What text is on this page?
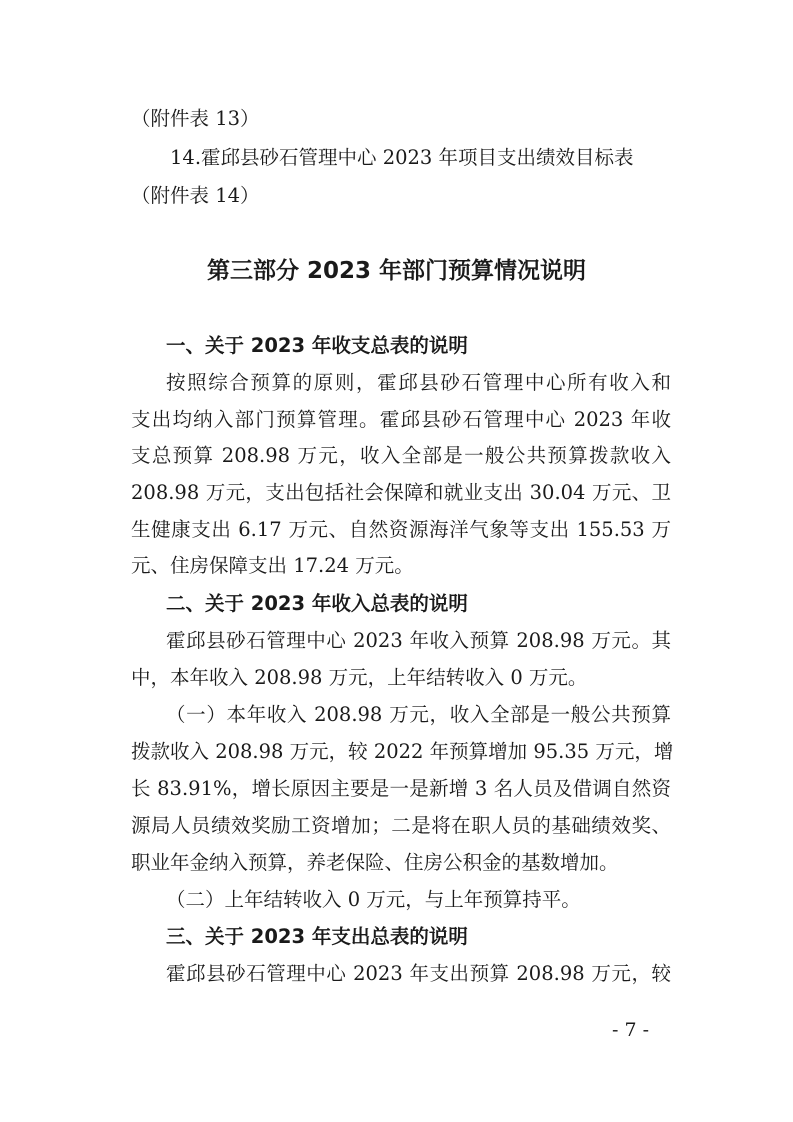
（附件表 13）
14.霍邱县砂石管理中心 2023 年项目支出绩效目标表
（附件表 14）
第三部分 2023 年部门预算情况说明
一、关于 2023 年收支总表的说明
按照综合预算的原则，霍邱县砂石管理中心所有收入和
支出均纳入部门预算管理。霍邱县砂石管理中心 2023 年收
支总预算 208.98 万元，收入全部是一般公共预算拨款收入
208.98 万元，支出包括社会保障和就业支出 30.04 万元、卫
生健康支出 6.17 万元、自然资源海洋气象等支出 155.53 万
元、住房保障支出 17.24 万元。
二、关于 2023 年收入总表的说明
霍邱县砂石管理中心 2023 年收入预算 208.98 万元。其
中，本年收入 208.98 万元，上年结转收入 0 万元。
（一）本年收入 208.98 万元，收入全部是一般公共预算
拨款收入 208.98 万元，较 2022 年预算增加 95.35 万元，增
长 83.91%，增长原因主要是一是新增 3 名人员及借调自然资
源局人员绩效奖励工资增加；二是将在职人员的基础绩效奖、
职业年金纳入预算，养老保险、住房公积金的基数增加。
（二）上年结转收入 0 万元，与上年预算持平。
三、关于 2023 年支出总表的说明
霍邱县砂石管理中心 2023 年支出预算 208.98 万元，较
- 7 -
